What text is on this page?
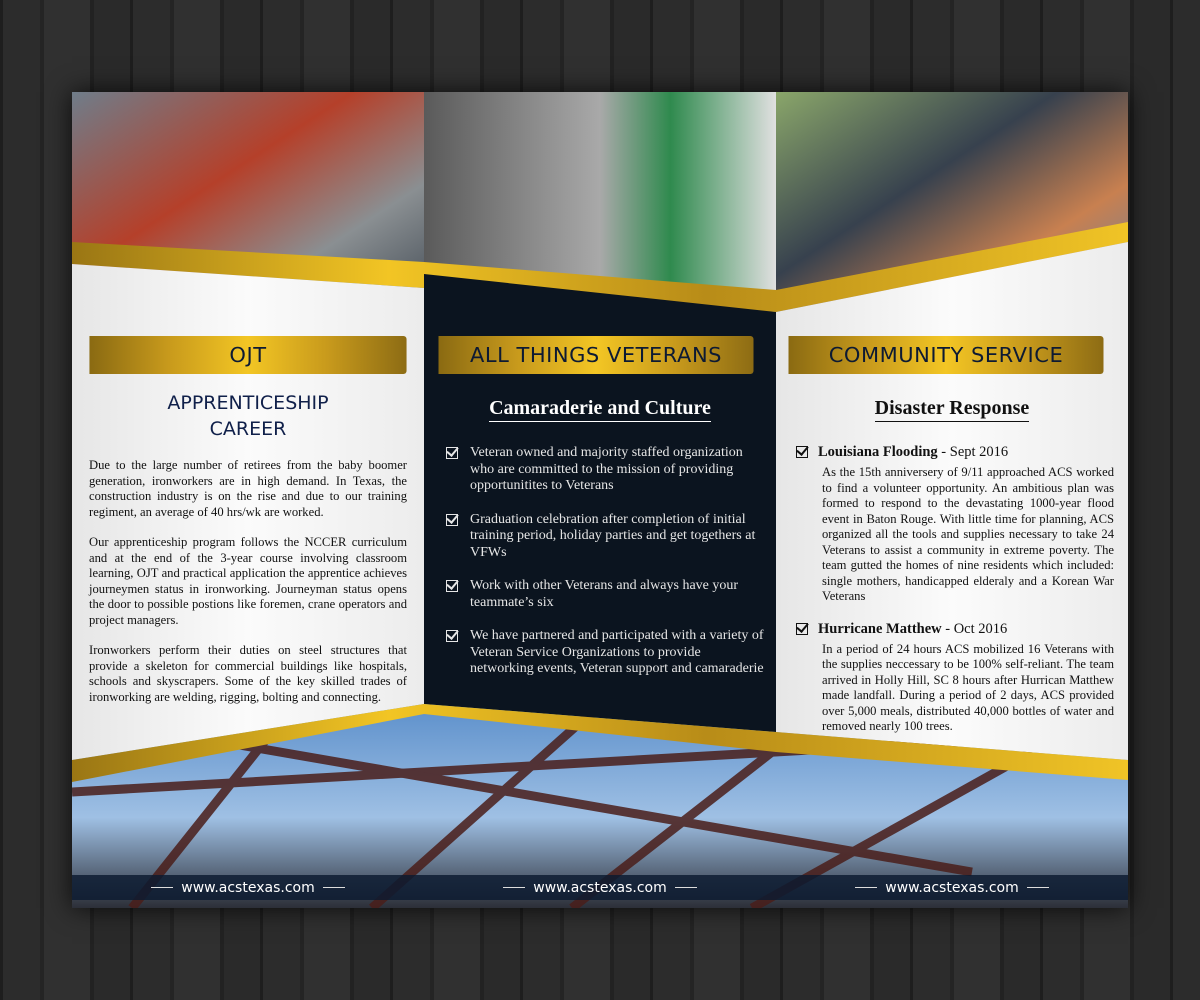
OJT
APPRENTICESHIP
CAREER

Due to the large number of retirees from the baby boomer generation, ironworkers are in high demand. In Texas, the construction industry is on the rise and due to our training regiment, an average of 40 hrs/wk are worked.

Our apprenticeship program follows the NCCER curriculum and at the end of the 3-year course involving classroom learning, OJT and practical application the apprentice achieves journeymen status in ironworking. Journeyman status opens the door to possible postions like foremen, crane operators and project managers.

Ironworkers perform their duties on steel structures that provide a skeleton for commercial buildings like hospitals, schools and skyscrapers. Some of the key skilled trades of ironworking are welding, rigging, bolting and connecting.

www.acstexas.com
ALL THINGS VETERANS
Camaraderie and Culture
Veteran owned and majority staffed organization who are committed to the mission of providing opportunitites to Veterans
Graduation celebration after completion of initial training period, holiday parties and get togethers at VFWs
Work with other Veterans and always have your teammate’s six
We have partnered and participated with a variety of Veteran Service Organizations to provide networking events, Veteran support and camaraderie
www.acstexas.com
COMMUNITY SERVICE
Disaster Response
Louisiana Flooding - Sept 2016
As the 15th anniversery of 9/11 approached ACS worked to find a volunteer opportunity. An ambitious plan was formed to respond to the devastating 1000-year flood event in Baton Rouge. With little time for planning, ACS organized all the tools and supplies necessary to take 24 Veterans to assist a community in extreme poverty. The team gutted the homes of nine residents which included: single mothers, handicapped elderaly and a Korean War Veterans
Hurricane Matthew - Oct 2016
In a period of 24 hours ACS mobilized 16 Veterans with the supplies neccessary to be 100% self-reliant. The team arrived in Holly Hill, SC 8 hours after Hurrican Matthew made landfall. During a period of 2 days, ACS provided over 5,000 meals, distributed 40,000 bottles of water and removed nearly 100 trees.
www.acstexas.com
